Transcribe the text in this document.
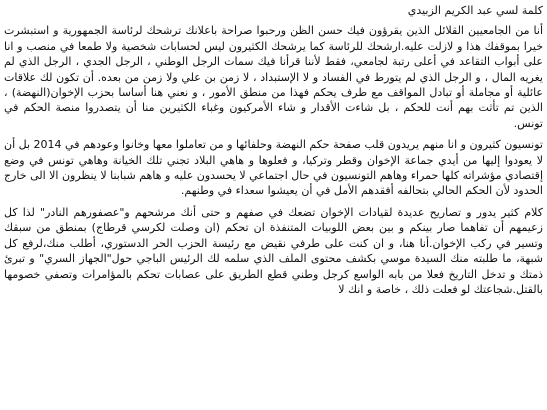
كلمة لسي عبد الكريم الزبيدي
أنا من الجامعيين القلائل الذين يقرؤون فيك حسن الظن ورحبوا صراحة باعلانك ترشحك لرئاسة الجمهورية و استبشرت خيرا بموقفك هذا و لازلت عليه.ارشحك للرئاسة كما يرشحك الكثيرون ليس لحسابات شخصية ولا طمعا في منصب و انا على أبواب التقاعد في أعلى رتبة لجامعي، فقط لأننا قرأنا فيك سمات الرجل الوطني ، الرجل الجدي ، الرجل الذي لم يغريه المال ، و الرجل الذي لم يتورط في الفساد و لا الإستبداد ، لا زمن بن علي ولا زمن من بعده. أن تكون لك علاقات عائلية أو مجاملة أو تبادل المواقف مع طرف يحكم فهذا من منطق الأمور ، و نعني هنا أساسا بحزب الإخوان(النهضة) ، الذين تم تأثت بهم أنت للحكم ، بل شاءت الأقدار و شاء الأمركيون وغباء الكثيرين منا أن يتصدروا منصة الحكم في تونس.
تونسيون كثيرون و انا منهم يريدون قلب صفحة حكم النهضة وحلفائها و من تعاملوا معها وخانوا وعودهم في 2014 بل أن لا يعودوا إليها من أيدي جماعة الإخوان وقطر وتركيا، و فعلوها و هاهي البلاد تجني تلك الخيانة وهاهي تونس في وضع إقتصادي مؤشراته كلها حمراء وهاهم التونسيون في حال اجتماعي لا يحسدون عليه و هاهم شبابنا لا ينظرون الا الى خارج الحدود لأن الحكم الحالي بتحالفه أفقدهم الأمل في أن يعيشوا سعداء في وطنهم.
كلام كثير يدور و تصاريح عديدة لقيادات الإخوان تضعك في صفهم و حتى أنك مرشحهم و"عصفورهم النادر" لذا كل زعيمهم أن تفاهما صار بينكم و بين بعض اللوبيات المتنفذة ان تحكم (ان وصلت لكرسي قرطاج) بمنطق من سبقك وتسير في ركب الإخوان.أنا هنا، و ان كنت على طرفي نقيض مع رئيسة الحزب الحر الدستوري، أطلب منك،لرفع كل شبهة، ما طلبته منك السيدة موسي بكشف محتوى الملف الذي سلمه لك الرئيس الباجي حول"الجهاز السري" و تبرئ ذمتك و تدخل التاريخ فعلا من بابه الواسع كرجل وطني قطع الطريق على عصابات تحكم بالمؤامرات وتصفي خصومها بالقتل.شجاعتك لو فعلت ذلك ، خاصة و انك لا
